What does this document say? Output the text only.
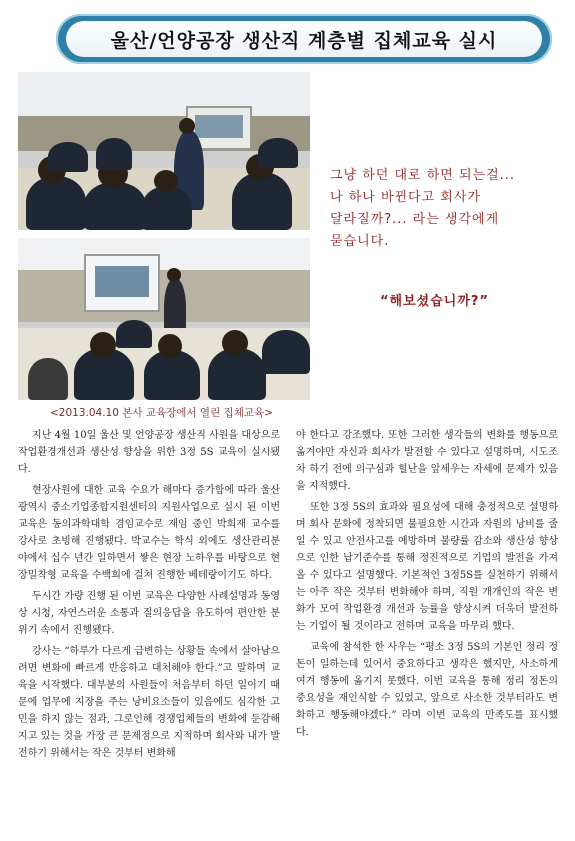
울산/언양공장 생산직 계층별 집체교육 실시
그냥 하던 대로 하면 되는걸...
나 하나 바뀐다고 회사가
달라질까?... 라는 생각에게
묻습니다.
“해보셨습니까?”
<2013.04.10 본사 교육장에서 열린 집체교육>

지난 4월 10일 울산 및 언양공장 생산직 사원을 대상으로 작업환경개선과 생산성 향상을 위한 3정 5S 교육이 실시됐다.

현장사원에 대한 교육 수요가 해마다 증가함에 따라 울산광역시 중소기업종합지원센터의 지원사업으로 실시 된 이번 교육은 동의과학대학 겸임교수로 재임 중인 박희재 교수를 강사로 초빙해 진행됐다. 박교수는 학식 외에도 생산관리분야에서 십수 년간 일하면서 쌓은 현장 노하우를 바탕으로 현장밀착형 교육을 수백회에 걸쳐 진행한 베테랑이기도 하다.

두시간 가량 진행 된 이번 교육은 다양한 사례설명과 동영상 시청, 자연스러운 소통과 질의응답을 유도하여 편안한 분위기 속에서 진행됐다.

강사는 “하루가 다르게 급변하는 상황들 속에서 살아남으려면 변화에 빠르게 반응하고 대처해야 한다.”고 말하며 교육을 시작했다. 대부분의 사원들이 처음부터 하던 일이기 때문에 업무에 지장을 주는 낭비요소들이 있음에도 심각한 고민을 하지 않는 점과, 그로인해 경쟁업체들의 변화에 둔감해지고 있는 것을 가장 큰 문제점으로 지적하며 회사와 내가 발전하기 위해서는 작은 것부터 변화해

야 한다고 강조했다. 또한 그러한 생각들의 변화를 행동으로 옮겨야만 자신과 회사가 발전할 수 있다고 설명하며, 시도조차 하기 전에 의구심과 힐난을 앞세우는 자세에 문제가 있음을 지적했다.

또한 3정 5S의 효과와 필요성에 대해 충정적으로 설명하며 회사 문화에 정착되면 불필요한 시간과 자원의 낭비를 줄일 수 있고 안전사고를 예방하며 불량률 감소와 생산성 향상으로 인한 납기준수를 통해 정진적으로 기업의 발전을 가져 올 수 있다고 설명했다. 기본적인 3정5S를 실천하기 위해서는 아주 작은 것부터 변화해야 하며, 직원 개개인의 작은 변화가 모여 작업환경 개선과 능률을 향상시켜 더욱더 발전하는 기업이 될 것이라고 전하며 교육을 마무리 했다.

교육에 참석한 한 사우는 “평소 3정 5S의 기본인 정리 정돈이 일하는데 있어서 중요하다고 생각은 했지만, 사소하게 여겨 행동에 옮기지 못했다. 이번 교육을 통해 정리 정돈의 중요성을 재인식할 수 있었고, 앞으로 사소한 것부터라도 변화하고 행동해야겠다.” 라며 이번 교육의 만족도를 표시했다.
